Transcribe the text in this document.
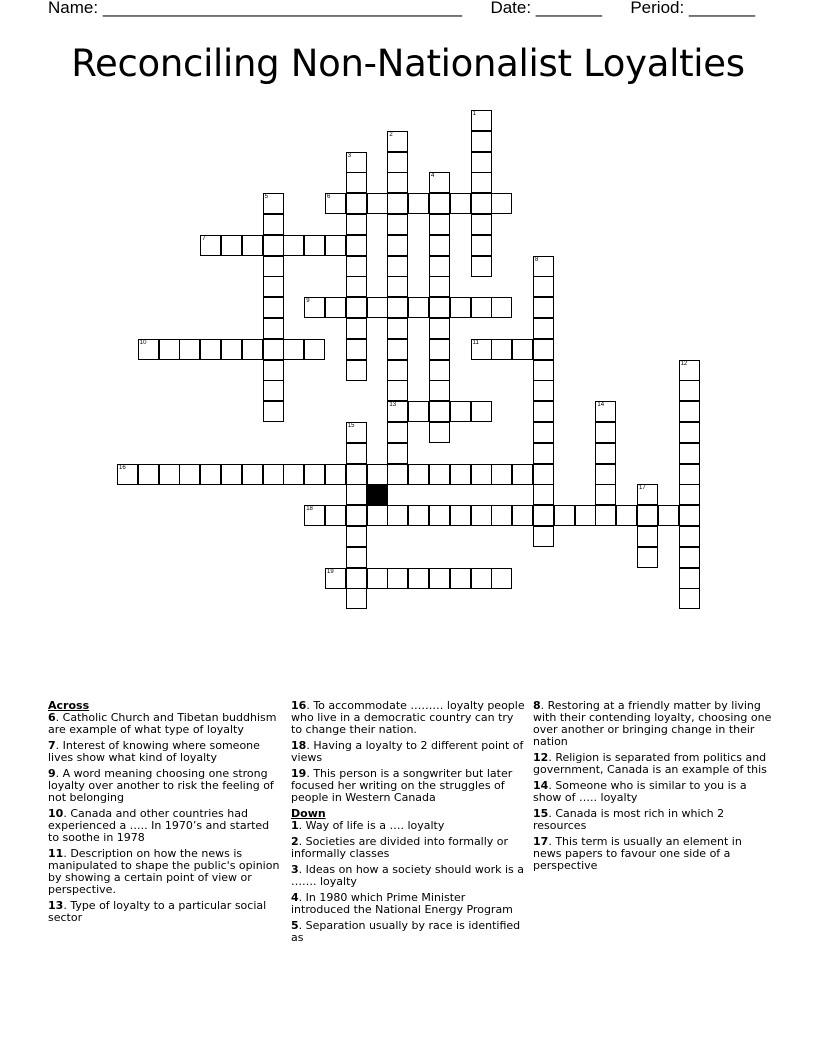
Name: ______________________________________ Date: _______ Period: _______
Reconciling Non-Nationalist Loyalties
1
2
13
3
4
5	6
7
8
9
10	11
12
14
15
16
17
18
19
Across
6. Catholic Church and Tibetan buddhism are example of what type of loyalty
7. Interest of knowing where someone lives show what kind of loyalty
9. A word meaning choosing one strong loyalty over another to risk the feeling of not belonging
10. Canada and other countries had experienced a ….. In 1970’s and started to soothe in 1978
11. Description on how the news is manipulated to shape the public's opinion by showing a certain point of view or perspective.
13. Type of loyalty to a particular social sector
16. To accommodate ……… loyalty people who live in a democratic country can try to change their nation.
18. Having a loyalty to 2 different point of views
19. This person is a songwriter but later focused her writing on the struggles of people in Western Canada
Down
1. Way of life is a …. loyalty
2. Societies are divided into formally or informally classes
3. Ideas on how a society should work is a ……. loyalty
4. In 1980 which Prime Minister introduced the National Energy Program
5. Separation usually by race is identified as
8. Restoring at a friendly matter by living with their contending loyalty, choosing one over another or bringing change in their nation
12. Religion is separated from politics and government, Canada is an example of this
14. Someone who is similar to you is a show of ….. loyalty
15. Canada is most rich in which 2 resources
17. This term is usually an element in news papers to favour one side of a perspective
